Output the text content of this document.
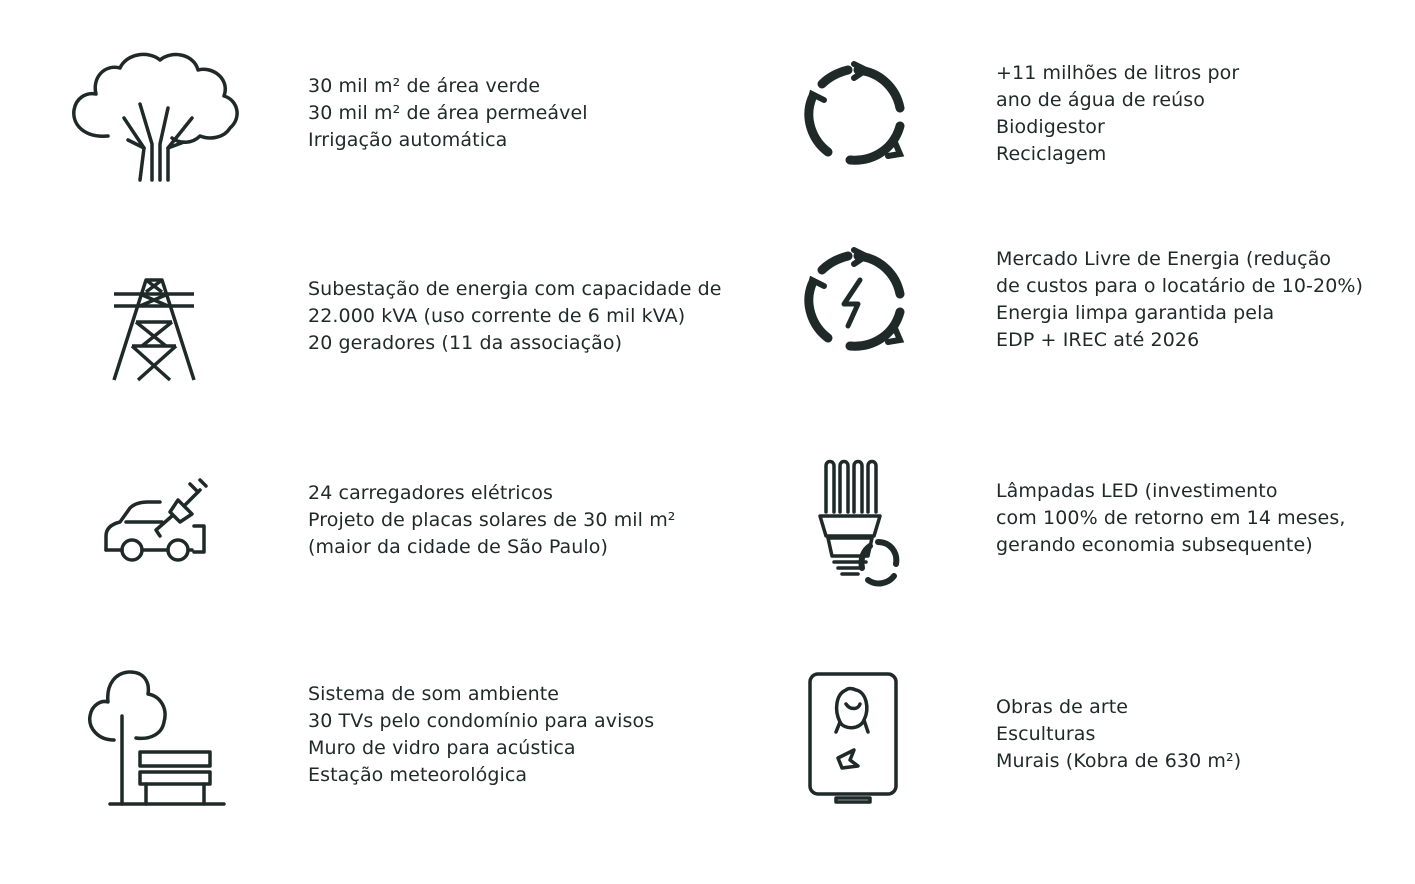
30 mil m² de área verde
30 mil m² de área permeável
Irrigação automática
+11 milhões de litros por
ano de água de reúso
Biodigestor
Reciclagem
Subestação de energia com capacidade de
22.000 kVA (uso corrente de 6 mil kVA)
20 geradores (11 da associação)
Mercado Livre de Energia (redução
de custos para o locatário de 10-20%)
Energia limpa garantida pela
EDP + IREC até 2026
24 carregadores elétricos
Projeto de placas solares de 30 mil m²
(maior da cidade de São Paulo)
Lâmpadas LED (investimento
com 100% de retorno em 14 meses,
gerando economia subsequente)
Sistema de som ambiente
30 TVs pelo condomínio para avisos
Muro de vidro para acústica
Estação meteorológica
Obras de arte
Esculturas
Murais (Kobra de 630 m²)
